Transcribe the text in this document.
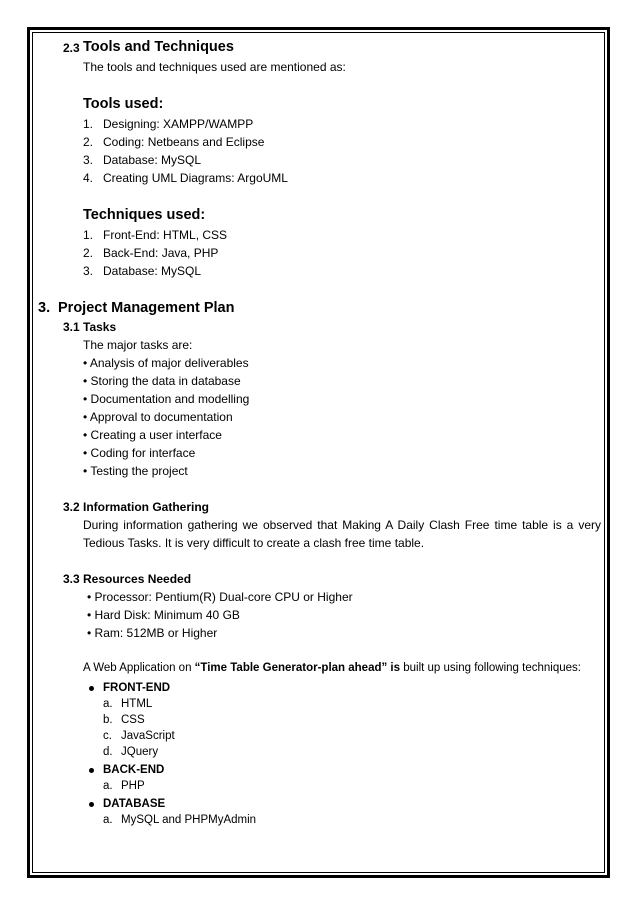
2.3 Tools and Techniques
The tools and techniques used are mentioned as:
Tools used:
1. Designing: XAMPP/WAMPP
2. Coding: Netbeans and Eclipse
3. Database: MySQL
4. Creating UML Diagrams: ArgoUML
Techniques used:
1. Front-End: HTML, CSS
2. Back-End: Java, PHP
3. Database: MySQL
3. Project Management Plan
3.1 Tasks
The major tasks are:
• Analysis of major deliverables
• Storing the data in database
• Documentation and modelling
• Approval to documentation
• Creating a user interface
• Coding for interface
• Testing the project
3.2 Information Gathering
During information gathering we observed that Making A Daily Clash Free time table is a very Tedious Tasks. It is very difficult to create a clash free time table.
3.3 Resources Needed
• Processor: Pentium(R) Dual-core CPU or Higher
• Hard Disk: Minimum 40 GB
• Ram: 512MB or Higher
A Web Application on “Time Table Generator-plan ahead” is built up using following techniques:
FRONT-END
a. HTML
b. CSS
c. JavaScript
d. JQuery
BACK-END
a. PHP
DATABASE
a. MySQL and PHPMyAdmin
